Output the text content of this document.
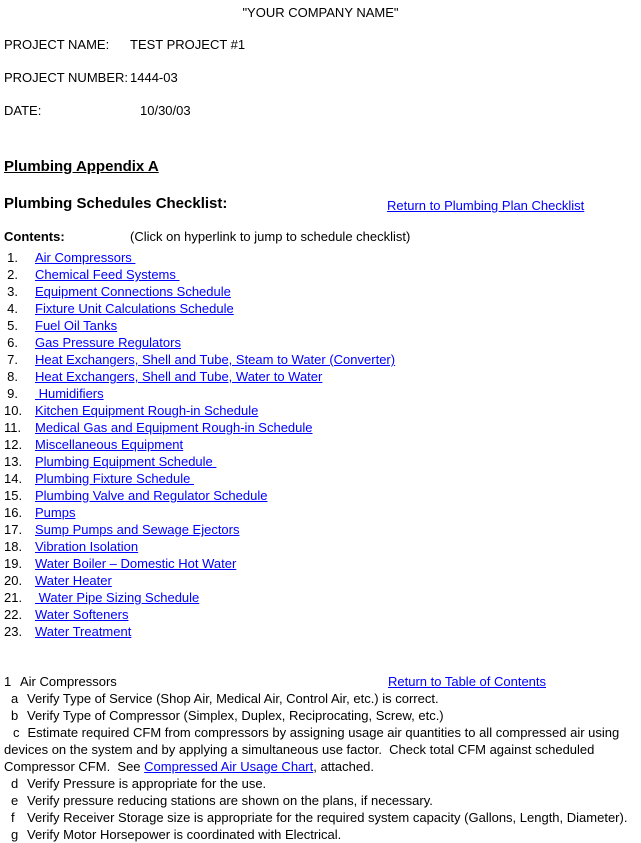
"YOUR COMPANY NAME"
PROJECT NAME: TEST PROJECT #1
PROJECT NUMBER: 1444-03
DATE:	10/30/03
Plumbing Appendix A
Plumbing Schedules Checklist:	Return to Plumbing Plan Checklist
Contents:	(Click on hyperlink to jump to schedule checklist)
1. Air Compressors
2. Chemical Feed Systems
3. Equipment Connections Schedule
4. Fixture Unit Calculations Schedule
5. Fuel Oil Tanks
6. Gas Pressure Regulators
7. Heat Exchangers, Shell and Tube, Steam to Water (Converter)
8. Heat Exchangers, Shell and Tube, Water to Water
9. Humidifiers
10. Kitchen Equipment Rough-in Schedule
11. Medical Gas and Equipment Rough-in Schedule
12. Miscellaneous Equipment
13. Plumbing Equipment Schedule
14. Plumbing Fixture Schedule
15. Plumbing Valve and Regulator Schedule
16. Pumps
17. Sump Pumps and Sewage Ejectors
18. Vibration Isolation
19. Water Boiler – Domestic Hot Water
20. Water Heater
21. Water Pipe Sizing Schedule
22. Water Softeners
23. Water Treatment
1 Air Compressors	Return to Table of Contents
a Verify Type of Service (Shop Air, Medical Air, Control Air, etc.) is correct.
b Verify Type of Compressor (Simplex, Duplex, Reciprocating, Screw, etc.)
c Estimate required CFM from compressors by assigning usage air quantities to all compressed air using devices on the system and by applying a simultaneous use factor.  Check total CFM against scheduled Compressor CFM.  See Compressed Air Usage Chart, attached.
d Verify Pressure is appropriate for the use.
e Verify pressure reducing stations are shown on the plans, if necessary.
f Verify Receiver Storage size is appropriate for the required system capacity (Gallons, Length, Diameter).
g Verify Motor Horsepower is coordinated with Electrical.
